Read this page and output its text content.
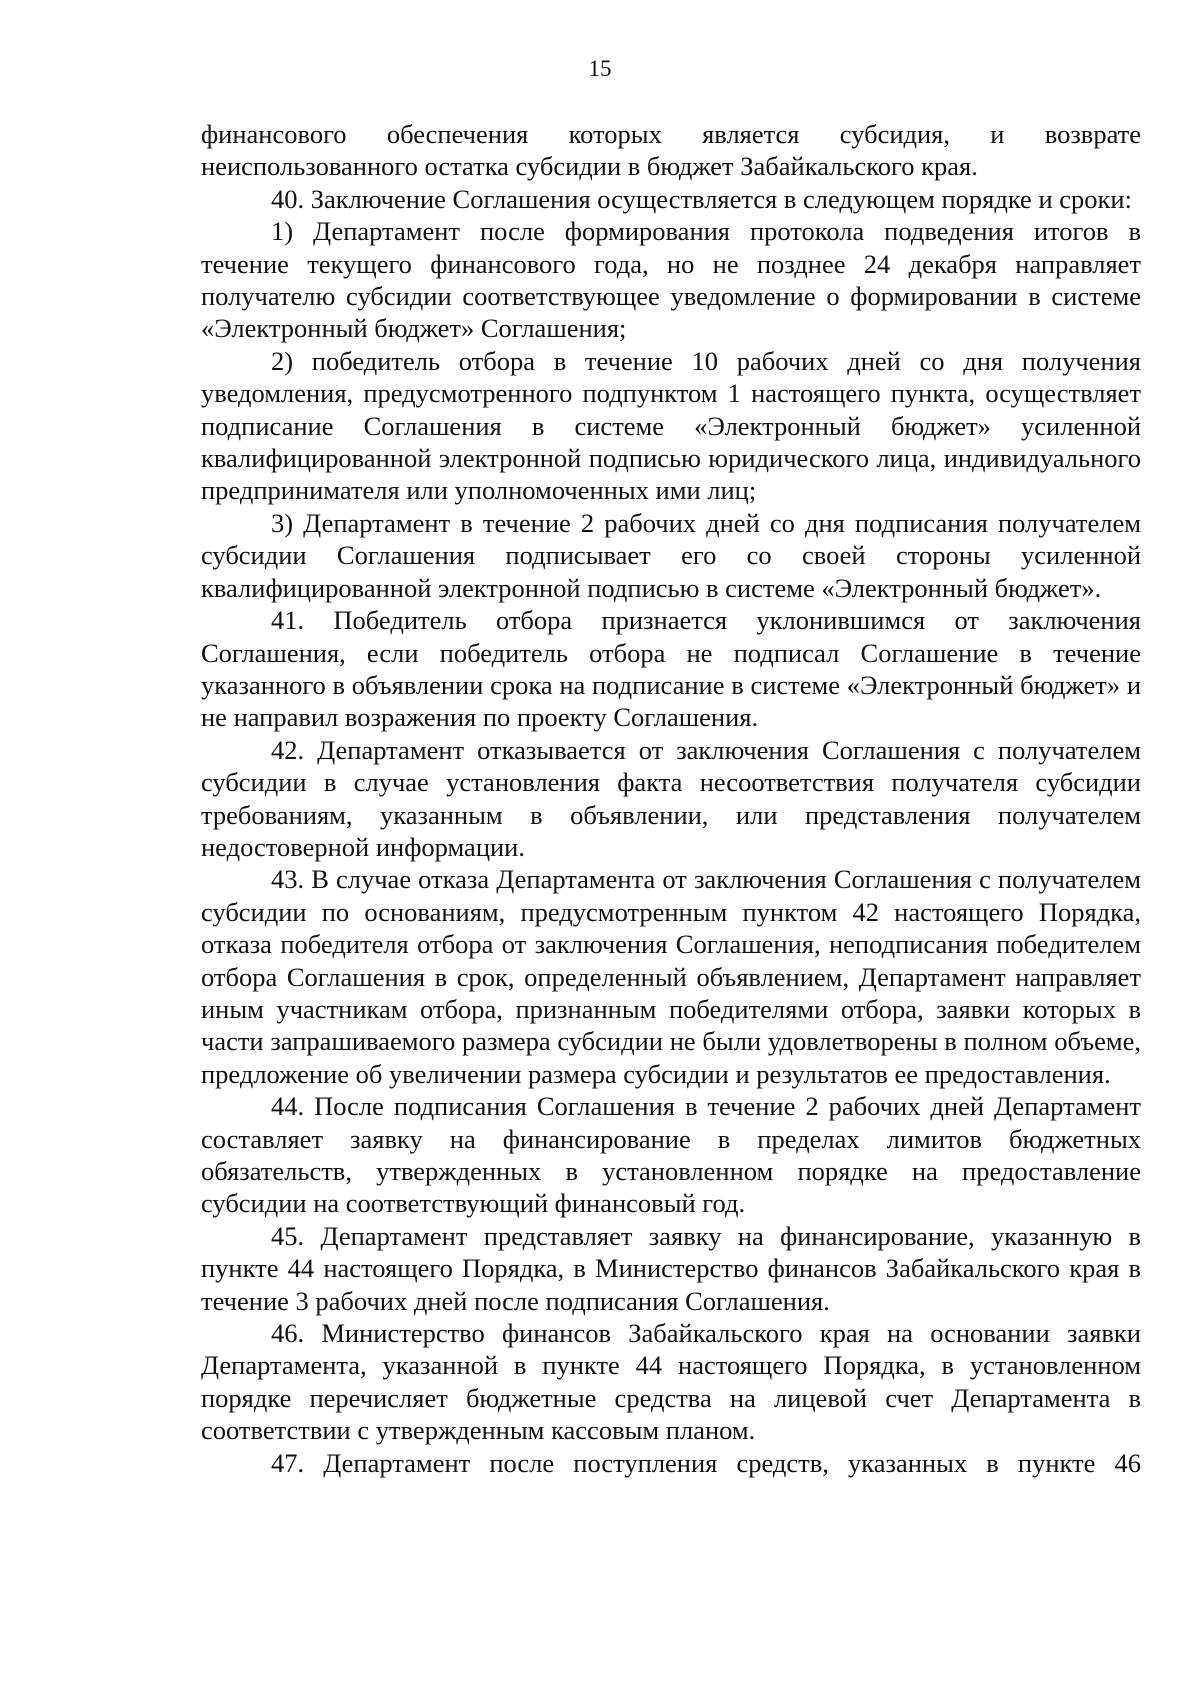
15

финансового обеспечения которых является субсидия, и возврате неиспользованного остатка субсидии в бюджет Забайкальского края.

40. Заключение Соглашения осуществляется в следующем порядке и сроки:

1) Департамент после формирования протокола подведения итогов в течение текущего финансового года, но не позднее 24 декабря направляет получателю субсидии соответствующее уведомление о формировании в системе «Электронный бюджет» Соглашения;

2) победитель отбора в течение 10 рабочих дней со дня получения уведомления, предусмотренного подпунктом 1 настоящего пункта, осуществляет подписание Соглашения в системе «Электронный бюджет» усиленной квалифицированной электронной подписью юридического лица, индивидуального предпринимателя или уполномоченных ими лиц;

3) Департамент в течение 2 рабочих дней со дня подписания получателем субсидии Соглашения подписывает его со своей стороны усиленной квалифицированной электронной подписью в системе «Электронный бюджет».

41. Победитель отбора признается уклонившимся от заключения Соглашения, если победитель отбора не подписал Соглашение в течение указанного в объявлении срока на подписание в системе «Электронный бюджет» и не направил возражения по проекту Соглашения.

42. Департамент отказывается от заключения Соглашения с получателем субсидии в случае установления факта несоответствия получателя субсидии требованиям, указанным в объявлении, или представления получателем недостоверной информации.

43. В случае отказа Департамента от заключения Соглашения с получателем субсидии по основаниям, предусмотренным пунктом 42 настоящего Порядка, отказа победителя отбора от заключения Соглашения, неподписания победителем отбора Соглашения в срок, определенный объявлением, Департамент направляет иным участникам отбора, признанным победителями отбора, заявки которых в части запрашиваемого размера субсидии не были удовлетворены в полном объеме, предложение об увеличении размера субсидии и результатов ее предоставления.

44. После подписания Соглашения в течение 2 рабочих дней Департамент составляет заявку на финансирование в пределах лимитов бюджетных обязательств, утвержденных в установленном порядке на предоставление субсидии на соответствующий финансовый год.

45. Департамент представляет заявку на финансирование, указанную в пункте 44 настоящего Порядка, в Министерство финансов Забайкальского края в течение 3 рабочих дней после подписания Соглашения.

46. Министерство финансов Забайкальского края на основании заявки Департамента, указанной в пункте 44 настоящего Порядка, в установленном порядке перечисляет бюджетные средства на лицевой счет Департамента в соответствии с утвержденным кассовым планом.

47. Департамент после поступления средств, указанных в пункте 46
